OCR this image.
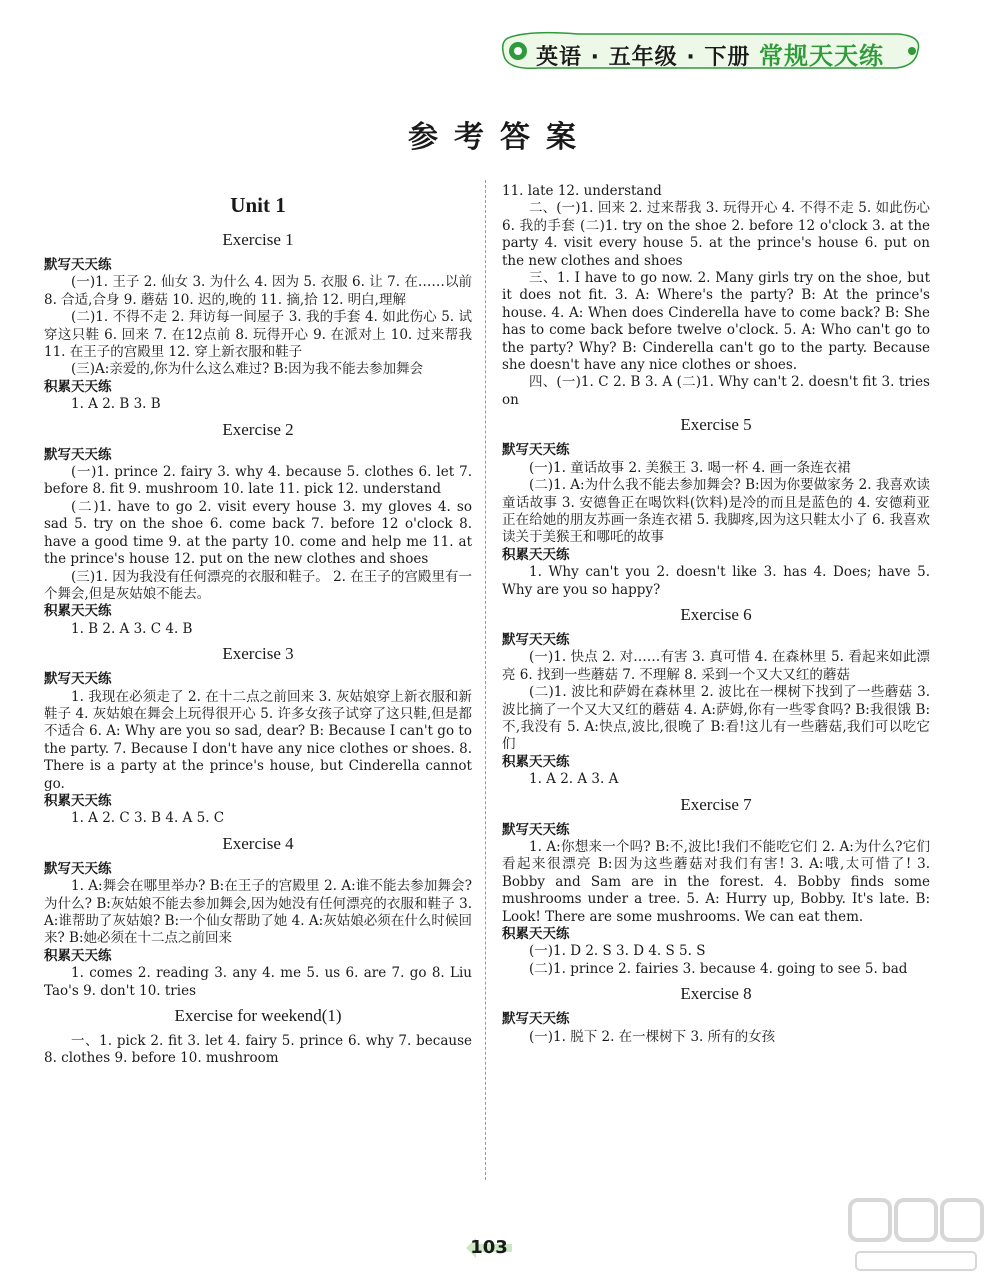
英语 · 五年级 · 下册 常规天天练
参考答案
Unit 1
Exercise 1
默写天天练

(一)1. 王子 2. 仙女 3. 为什么 4. 因为 5. 衣服 6. 让 7. 在……以前 8. 合适,合身 9. 蘑菇 10. 迟的,晚的 11. 摘,拾 12. 明白,理解

(二)1. 不得不走 2. 拜访每一间屋子 3. 我的手套 4. 如此伤心 5. 试穿这只鞋 6. 回来 7. 在12点前 8. 玩得开心 9. 在派对上 10. 过来帮我 11. 在王子的宫殿里 12. 穿上新衣服和鞋子

(三)A:亲爱的,你为什么这么难过? B:因为我不能去参加舞会

积累天天练

1. A 2. B 3. B

Exercise 2
默写天天练

(一)1. prince 2. fairy 3. why 4. because 5. clothes 6. let 7. before 8. fit 9. mushroom 10. late 11. pick 12. understand

(二)1. have to go 2. visit every house 3. my gloves 4. so sad 5. try on the shoe 6. come back 7. before 12 o'clock 8. have a good time 9. at the party 10. come and help me 11. at the prince's house 12. put on the new clothes and shoes

(三)1. 因为我没有任何漂亮的衣服和鞋子。 2. 在王子的宫殿里有一个舞会,但是灰姑娘不能去。

积累天天练

1. B 2. A 3. C 4. B

Exercise 3
默写天天练

1. 我现在必须走了 2. 在十二点之前回来 3. 灰姑娘穿上新衣服和新鞋子 4. 灰姑娘在舞会上玩得很开心 5. 许多女孩子试穿了这只鞋,但是都不适合 6. A: Why are you so sad, dear? B: Because I can't go to the party. 7. Because I don't have any nice clothes or shoes. 8. There is a party at the prince's house, but Cinderella cannot go.

积累天天练

1. A 2. C 3. B 4. A 5. C

Exercise 4
默写天天练

1. A:舞会在哪里举办? B:在王子的宫殿里 2. A:谁不能去参加舞会?为什么? B:灰姑娘不能去参加舞会,因为她没有任何漂亮的衣服和鞋子 3. A:谁帮助了灰姑娘? B:一个仙女帮助了她 4. A:灰姑娘必须在什么时候回来? B:她必须在十二点之前回来

积累天天练

1. comes 2. reading 3. any 4. me 5. us 6. are 7. go 8. Liu Tao's 9. don't 10. tries

Exercise for weekend(1)

一、1. pick 2. fit 3. let 4. fairy 5. prince 6. why 7. because 8. clothes 9. before 10. mushroom

11. late 12. understand

二、(一)1. 回来 2. 过来帮我 3. 玩得开心 4. 不得不走 5. 如此伤心 6. 我的手套 (二)1. try on the shoe 2. before 12 o'clock 3. at the party 4. visit every house 5. at the prince's house 6. put on the new clothes and shoes

三、1. I have to go now. 2. Many girls try on the shoe, but it does not fit. 3. A: Where's the party? B: At the prince's house. 4. A: When does Cinderella have to come back? B: She has to come back before twelve o'clock. 5. A: Who can't go to the party? Why? B: Cinderella can't go to the party. Because she doesn't have any nice clothes or shoes.

四、(一)1. C 2. B 3. A (二)1. Why can't 2. doesn't fit 3. tries on

Exercise 5
默写天天练

(一)1. 童话故事 2. 美猴王 3. 喝一杯 4. 画一条连衣裙

(二)1. A:为什么我不能去参加舞会? B:因为你要做家务 2. 我喜欢读童话故事 3. 安德鲁正在喝饮料(饮料)是冷的而且是蓝色的 4. 安德莉亚正在给她的朋友苏画一条连衣裙 5. 我脚疼,因为这只鞋太小了 6. 我喜欢读关于美猴王和哪吒的故事

积累天天练

1. Why can't you 2. doesn't like 3. has 4. Does; have 5. Why are you so happy?

Exercise 6
默写天天练

(一)1. 快点 2. 对……有害 3. 真可惜 4. 在森林里 5. 看起来如此漂亮 6. 找到一些蘑菇 7. 不理解 8. 采到一个又大又红的蘑菇

(二)1. 波比和萨姆在森林里 2. 波比在一棵树下找到了一些蘑菇 3. 波比摘了一个又大又红的蘑菇 4. A:萨姆,你有一些零食吗? B:我很饿 B:不,我没有 5. A:快点,波比,很晚了 B:看!这儿有一些蘑菇,我们可以吃它们

积累天天练

1. A 2. A 3. A

Exercise 7
默写天天练

1. A:你想来一个吗? B:不,波比!我们不能吃它们 2. A:为什么?它们看起来很漂亮 B:因为这些蘑菇对我们有害! 3. A:哦,太可惜了! 3. Bobby and Sam are in the forest. 4. Bobby finds some mushrooms under a tree. 5. A: Hurry up, Bobby. It's late. B: Look! There are some mushrooms. We can eat them.

积累天天练

(一)1. D 2. S 3. D 4. S 5. S

(二)1. prince 2. fairies 3. because 4. going to see 5. bad

Exercise 8
默写天天练

(一)1. 脱下 2. 在一棵树下 3. 所有的女孩

103
